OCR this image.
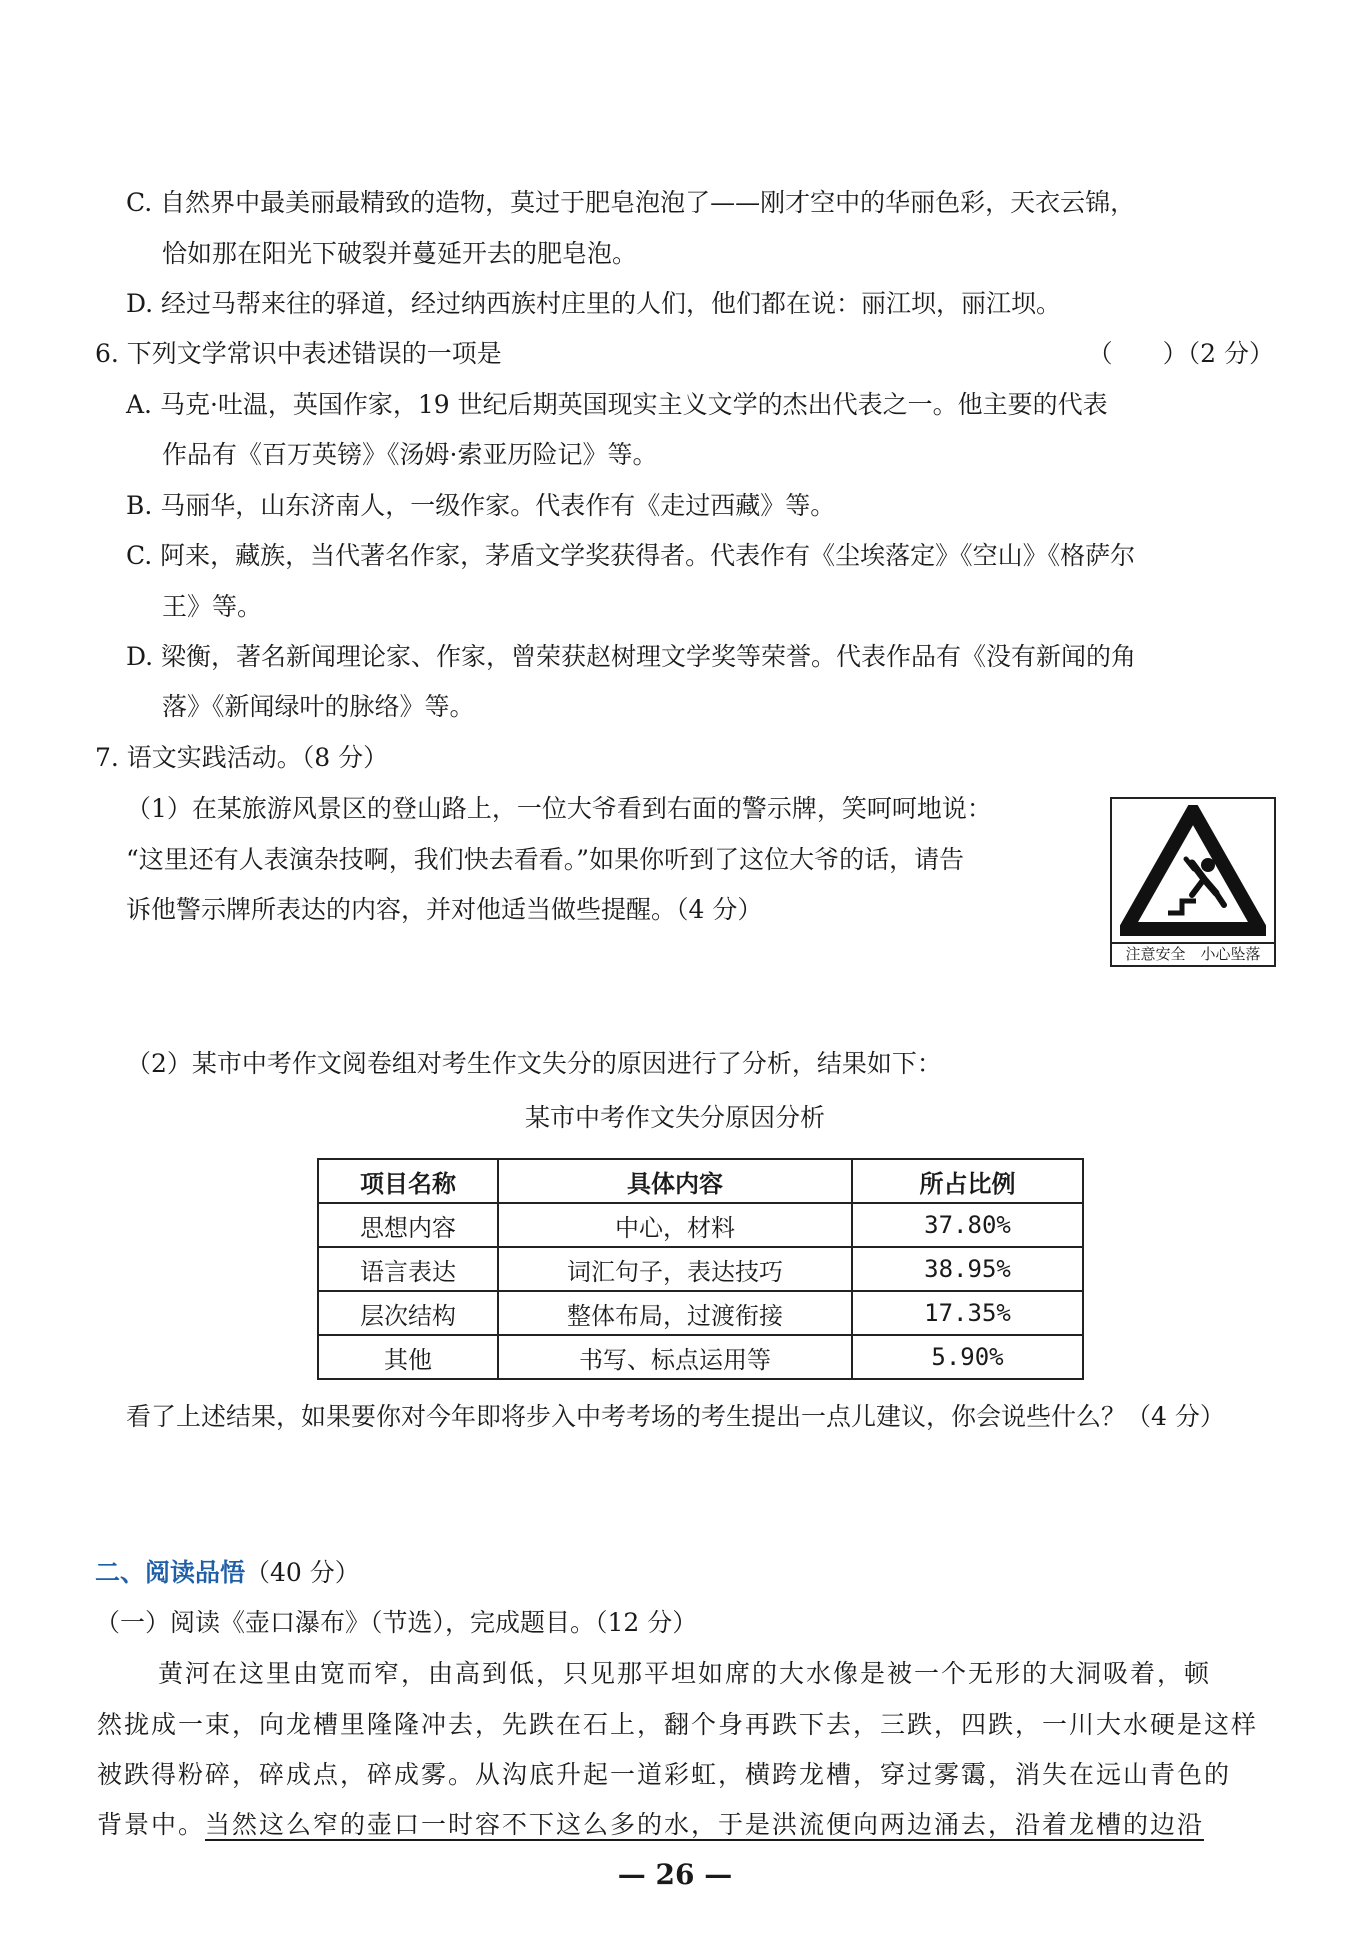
C. 自然界中最美丽最精致的造物，莫过于肥皂泡泡了——刚才空中的华丽色彩，天衣云锦，
恰如那在阳光下破裂并蔓延开去的肥皂泡。
D. 经过马帮来往的驿道，经过纳西族村庄里的人们，他们都在说：丽江坝，丽江坝。
6. 下列文学常识中表述错误的一项是	（　　）（2 分）
A. 马克·吐温，英国作家，19 世纪后期英国现实主义文学的杰出代表之一。他主要的代表
作品有《百万英镑》《汤姆·索亚历险记》等。
B. 马丽华，山东济南人，一级作家。代表作有《走过西藏》等。
C. 阿来，藏族，当代著名作家，茅盾文学奖获得者。代表作有《尘埃落定》《空山》《格萨尔
王》等。
D. 梁衡，著名新闻理论家、作家，曾荣获赵树理文学奖等荣誉。代表作品有《没有新闻的角
落》《新闻绿叶的脉络》等。
7. 语文实践活动。（8 分）
（1）在某旅游风景区的登山路上，一位大爷看到右面的警示牌，笑呵呵地说：
“这里还有人表演杂技啊，我们快去看看。”如果你听到了这位大爷的话，请告
诉他警示牌所表达的内容，并对他适当做些提醒。（4 分）
注意安全　小心坠落
（2）某市中考作文阅卷组对考生作文失分的原因进行了分析，结果如下：
某市中考作文失分原因分析
项目名称	具体内容	所占比例
思想内容	中心，材料	37.80%
语言表达	词汇句子，表达技巧	38.95%
层次结构	整体布局，过渡衔接	17.35%
其他	书写、标点运用等	5.90%
看了上述结果，如果要你对今年即将步入中考考场的考生提出一点儿建议，你会说些什么？（4 分）
二、阅读品悟（40 分）
（一）阅读《壶口瀑布》（节选），完成题目。（12 分）
黄河在这里由宽而窄，由高到低，只见那平坦如席的大水像是被一个无形的大洞吸着，顿
然拢成一束，向龙槽里隆隆冲去，先跌在石上，翻个身再跌下去，三跌，四跌，一川大水硬是这样
被跌得粉碎，碎成点，碎成雾。从沟底升起一道彩虹，横跨龙槽，穿过雾霭，消失在远山青色的
背景中。当然这么窄的壶口一时容不下这么多的水，于是洪流便向两边涌去，沿着龙槽的边沿
— 26 —
